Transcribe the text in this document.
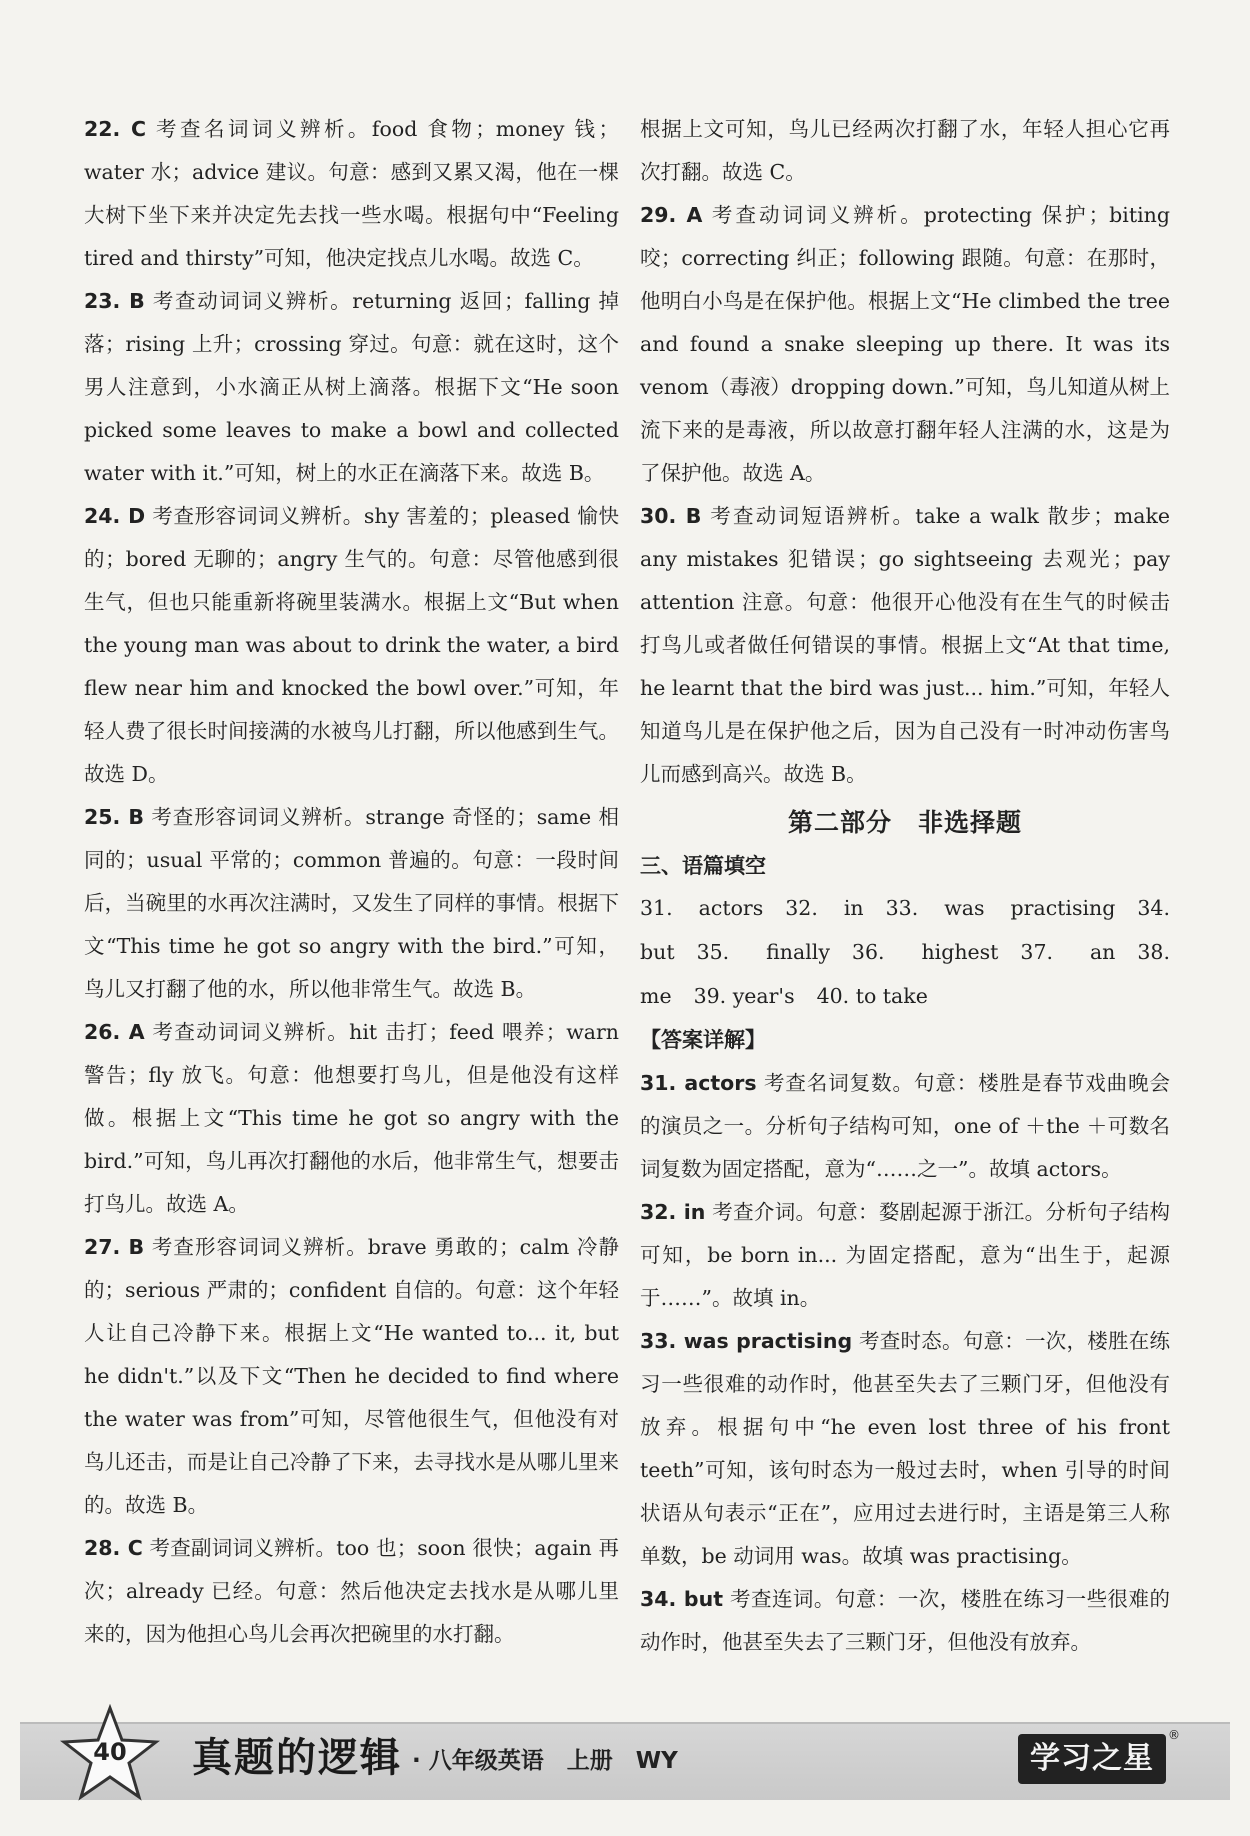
22. C 考查名词词义辨析。food 食物；money 钱；water 水；advice 建议。句意：感到又累又渴，他在一棵大树下坐下来并决定先去找一些水喝。根据句中“Feeling tired and thirsty”可知，他决定找点儿水喝。故选 C。

23. B 考查动词词义辨析。returning 返回；falling 掉落；rising 上升；crossing 穿过。句意：就在这时，这个男人注意到，小水滴正从树上滴落。根据下文“He soon picked some leaves to make a bowl and collected water with it.”可知，树上的水正在滴落下来。故选 B。

24. D 考查形容词词义辨析。shy 害羞的；pleased 愉快的；bored 无聊的；angry 生气的。句意：尽管他感到很生气，但也只能重新将碗里装满水。根据上文“But when the young man was about to drink the water, a bird flew near him and knocked the bowl over.”可知，年轻人费了很长时间接满的水被鸟儿打翻，所以他感到生气。故选 D。

25. B 考查形容词词义辨析。strange 奇怪的；same 相同的；usual 平常的；common 普遍的。句意：一段时间后，当碗里的水再次注满时，又发生了同样的事情。根据下文“This time he got so angry with the bird.”可知，鸟儿又打翻了他的水，所以他非常生气。故选 B。

26. A 考查动词词义辨析。hit 击打；feed 喂养；warn 警告；fly 放飞。句意：他想要打鸟儿，但是他没有这样做。根据上文“This time he got so angry with the bird.”可知，鸟儿再次打翻他的水后，他非常生气，想要击打鸟儿。故选 A。

27. B 考查形容词词义辨析。brave 勇敢的；calm 冷静的；serious 严肃的；confident 自信的。句意：这个年轻人让自己冷静下来。根据上文“He wanted to... it, but he didn't.”以及下文“Then he decided to find where the water was from”可知，尽管他很生气，但他没有对鸟儿还击，而是让自己冷静了下来，去寻找水是从哪儿里来的。故选 B。

28. C 考查副词词义辨析。too 也；soon 很快；again 再次；already 已经。句意：然后他决定去找水是从哪儿里来的，因为他担心鸟儿会再次把碗里的水打翻。

根据上文可知，鸟儿已经两次打翻了水，年轻人担心它再次打翻。故选 C。

29. A 考查动词词义辨析。protecting 保护；biting 咬；correcting 纠正；following 跟随。句意：在那时，他明白小鸟是在保护他。根据上文“He climbed the tree and found a snake sleeping up there. It was its venom（毒液）dropping down.”可知，鸟儿知道从树上流下来的是毒液，所以故意打翻年轻人注满的水，这是为了保护他。故选 A。

30. B 考查动词短语辨析。take a walk 散步；make any mistakes 犯错误；go sightseeing 去观光；pay attention 注意。句意：他很开心他没有在生气的时候击打鸟儿或者做任何错误的事情。根据上文“At that time, he learnt that the bird was just... him.”可知，年轻人知道鸟儿是在保护他之后，因为自己没有一时冲动伤害鸟儿而感到高兴。故选 B。

第二部分　非选择题
三、语篇填空
31. actors 32. in 33. was practising 34. but 35. finally 36. highest 37. an 38. me 39. year's 40. to take
【答案详解】

31. actors 考查名词复数。句意：楼胜是春节戏曲晚会的演员之一。分析句子结构可知，one of ＋the ＋可数名词复数为固定搭配，意为“……之一”。故填 actors。

32. in 考查介词。句意：婺剧起源于浙江。分析句子结构可知，be born in... 为固定搭配，意为“出生于，起源于……”。故填 in。

33. was practising 考查时态。句意：一次，楼胜在练习一些很难的动作时，他甚至失去了三颗门牙，但他没有放弃。根据句中“he even lost three of his front teeth”可知，该句时态为一般过去时，when 引导的时间状语从句表示“正在”，应用过去进行时，主语是第三人称单数，be 动词用 was。故填 was practising。

34. but 考查连词。句意：一次，楼胜在练习一些很难的动作时，他甚至失去了三颗门牙，但他没有放弃。

40 真题的逻辑 · 八年级英语　上册　WY	学习之星
®
